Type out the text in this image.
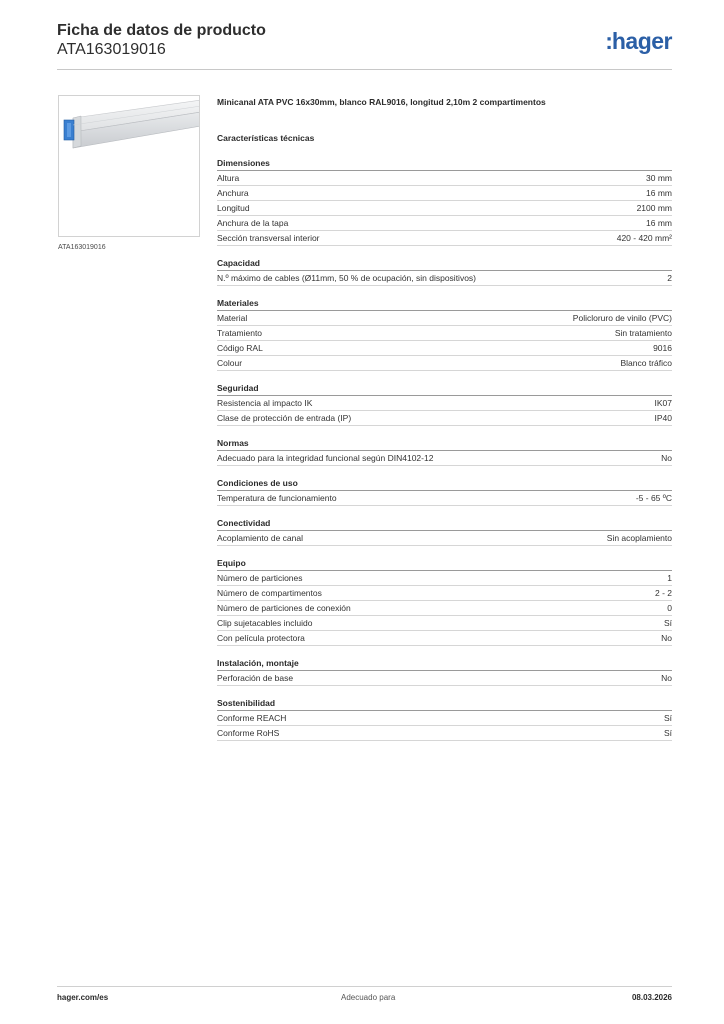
Ficha de datos de producto
ATA163019016	:hager
ATA163019016
Minicanal ATA PVC 16x30mm, blanco RAL9016, longitud 2,10m 2 compartimentos
Características técnicas
Dimensiones
Altura	30 mm
Anchura	16 mm
Longitud	2100 mm
Anchura de la tapa	16 mm
Sección transversal interior	420 - 420 mm²
Capacidad
N.º máximo de cables (Ø11mm, 50 % de ocupación, sin dispositivos)	2
Materiales
Material	Policloruro de vinilo (PVC)
Tratamiento	Sin tratamiento
Código RAL	9016
Colour	Blanco tráfico
Seguridad
Resistencia al impacto IK	IK07
Clase de protección de entrada (IP)	IP40
Normas
Adecuado para la integridad funcional según DIN4102-12	No
Condiciones de uso
Temperatura de funcionamiento	-5 - 65 ºC
Conectividad
Acoplamiento de canal	Sin acoplamiento
Equipo
Número de particiones	1
Número de compartimentos	2 - 2
Número de particiones de conexión	0
Clip sujetacables incluido	Sí
Con película protectora	No
Instalación, montaje
Perforación de base	No
Sostenibilidad
Conforme REACH	Sí
Conforme RoHS	Sí
hager.com/es	Adecuado para	08.03.2026
